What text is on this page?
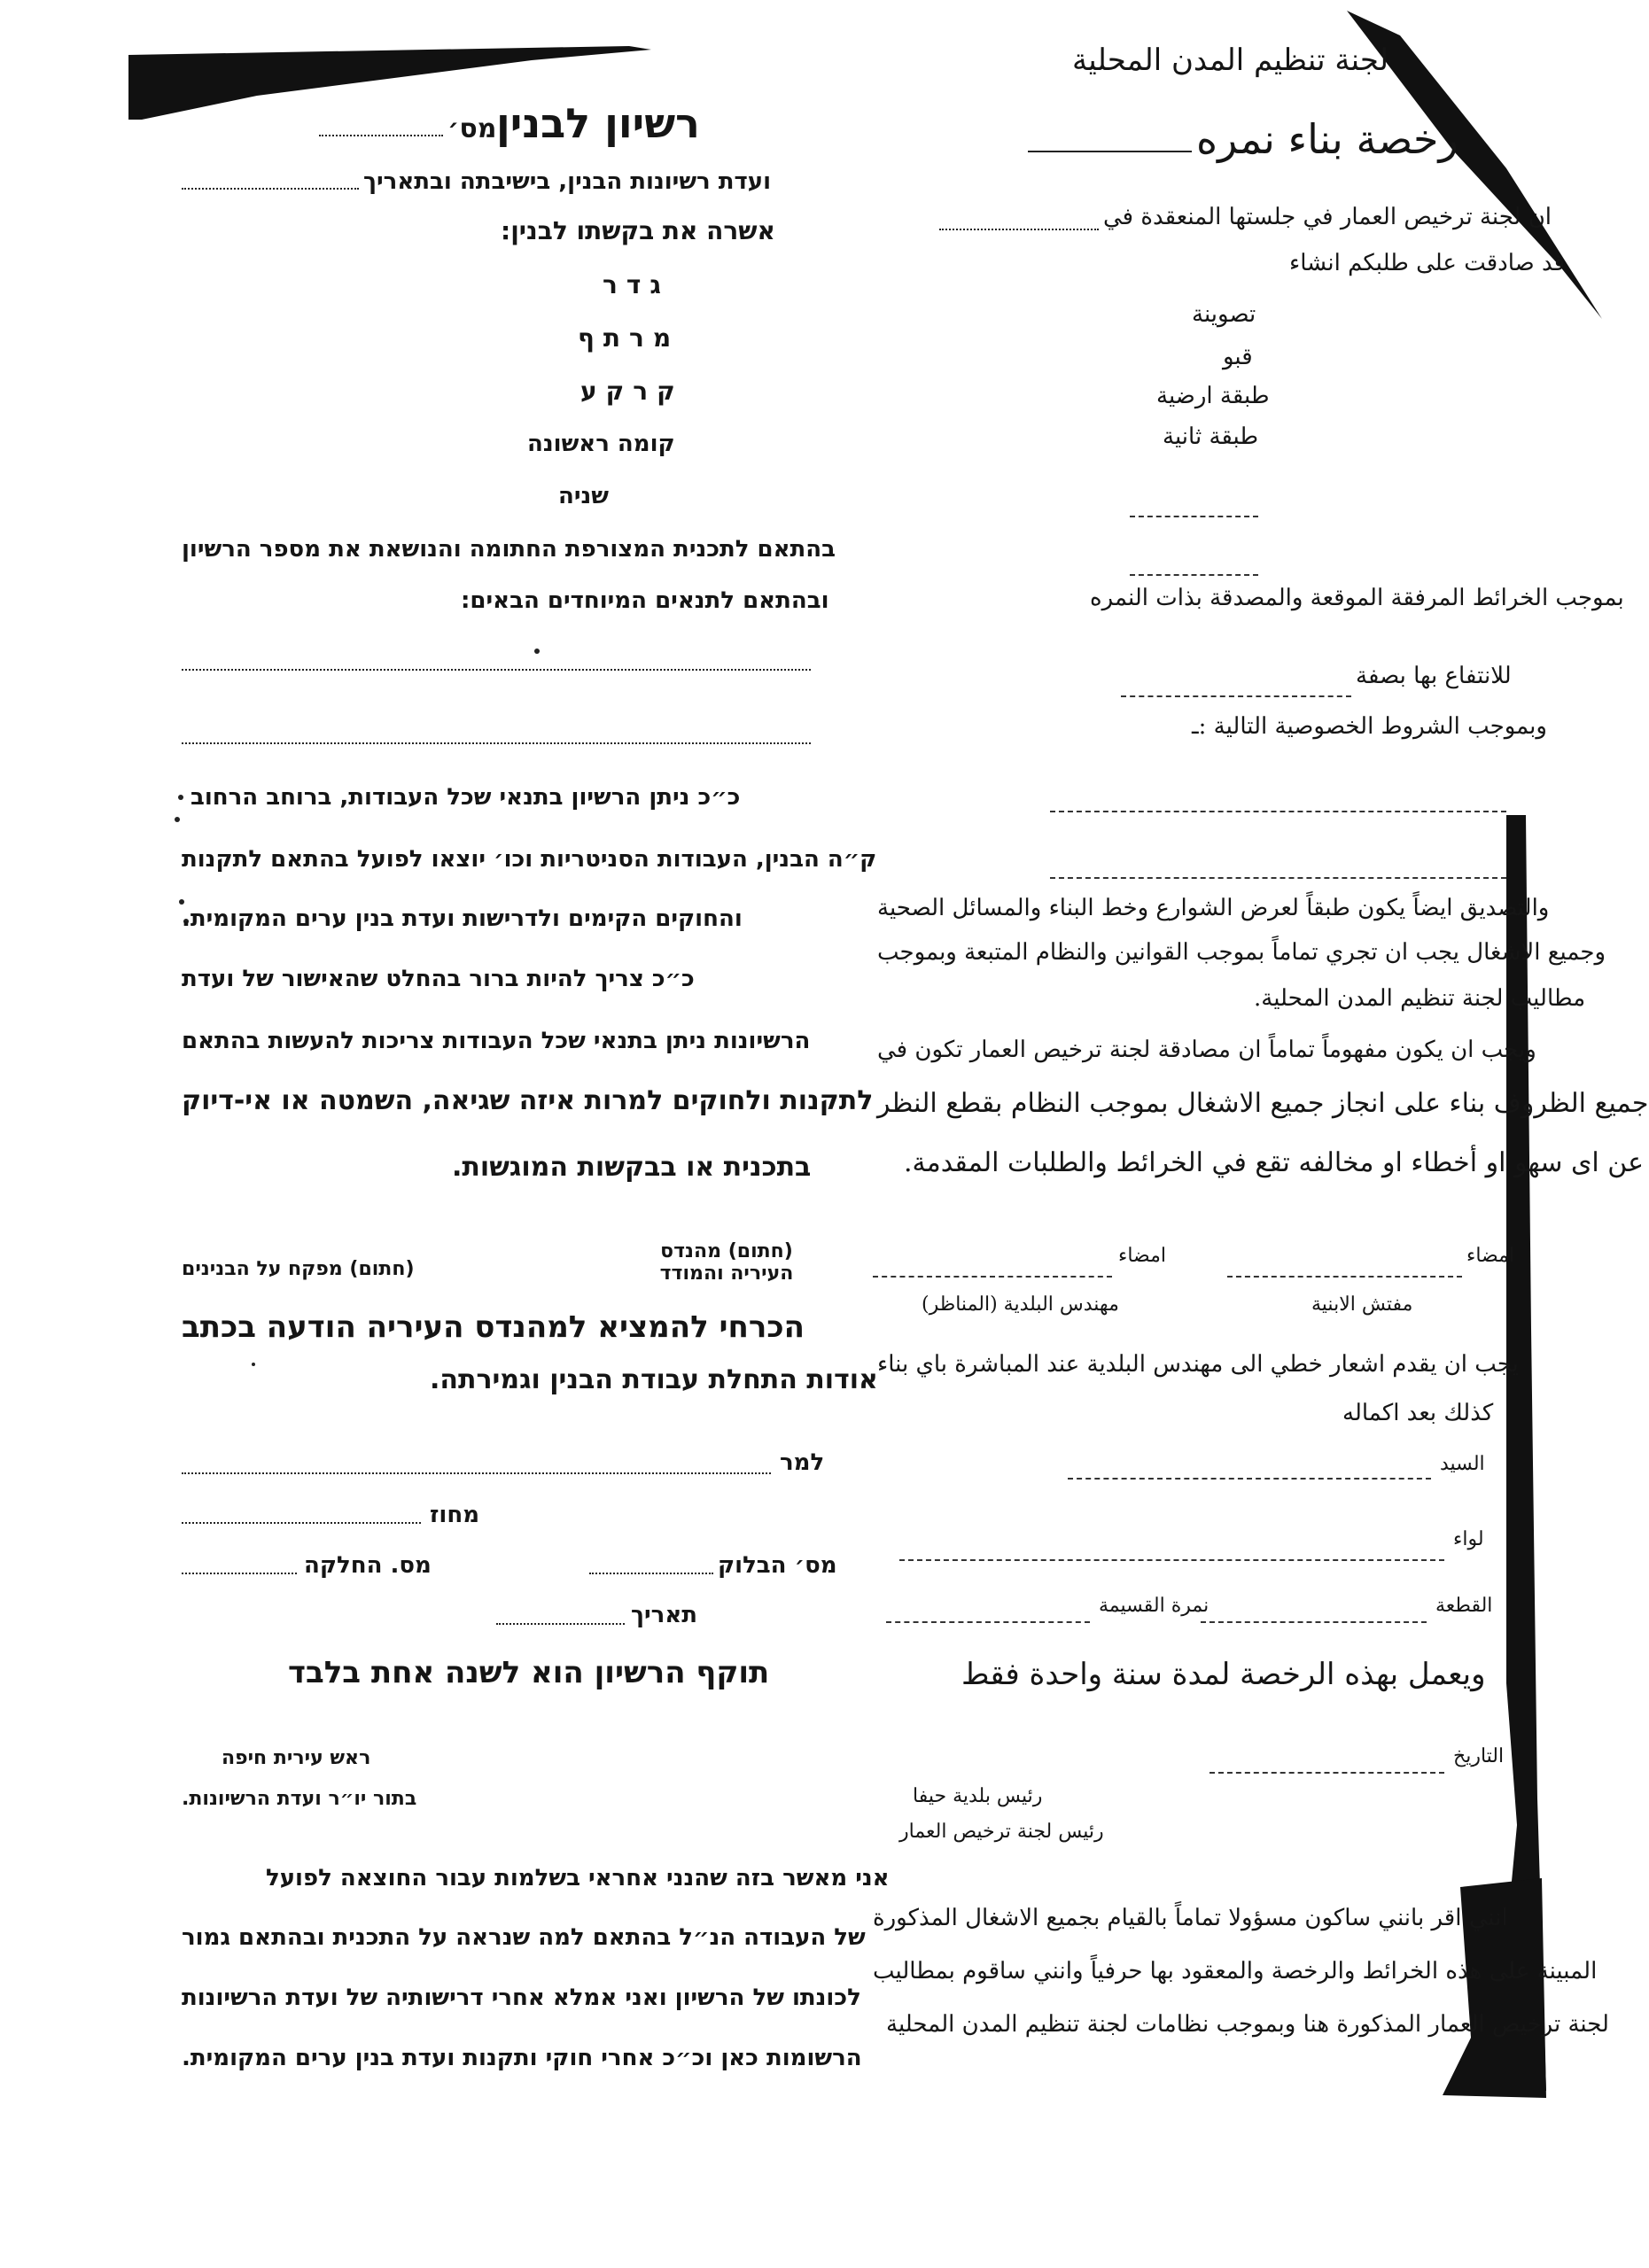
רשיון לבנין
מס׳
ועדת רשיונות הבנין, בישיבתה ובתאריך
אשרה את בקשתו לבנין:
גדר
מרתף
קרקע
קומה ראשונה
שניה
בהתאם לתכנית המצורפת החתומה והנושאת את מספר הרשיון
ובהתאם לתנאים המיוחדים הבאים:
כ״כ ניתן הרשיון בתנאי שכל העבודות, ברוחב הרחוב
ק״ה הבנין, העבודות הסניטריות וכו׳ יוצאו לפועל בהתאם לתקנות
והחוקים הקימים ולדרישות ועדת בנין ערים המקומית.
כ״כ צריך להיות ברור בהחלט שהאישור של ועדת
הרשיונות ניתן בתנאי שכל העבודות צריכות להעשות בהתאם
לתקנות ולחוקים למרות איזה שגיאה, השמטה או אי-דיוק
בתכנית או בבקשות המוגשות.
(חתום) מהנדס העיריה והמודד
(חתום) מפקח על הבנינים
הכרחי להמציא למהנדס העיריה הודעה בכתב
אודות התחלת עבודת הבנין וגמירתה.
למר
מחוז
מס׳ הבלוק
מס. החלקה
תאריך
תוקף הרשיון הוא לשנה אחת בלבד
ראש עירית חיפה
בתור יו״ר ועדת הרשיונות.
אני מאשר בזה שהנני אחראי בשלמות עבור החוצאה לפועל
של העבודה הנ״ל בהתאם למה שנראה על התכנית ובהתאם גמור
לכונתו של הרשיון ואני אמלא אחרי דרישותיה של ועדת הרשיונות
הרשומות כאן וכ״כ אחרי חוקי ותקנות ועדת בנין ערים המקומית.
لجنة تنظيم المدن المحلية
رخصة بناء نمره
ان لجنة ترخيص العمار في جلستها المنعقدة في
قد صادقت على طلبكم انشاء
تصوينة
قبو
طبقة ارضية
طبقة ثانية
بموجب الخرائط المرفقة الموقعة والمصدقة بذات النمره
للانتفاع بها بصفة
وبموجب الشروط الخصوصية التالية :ـ
والتصديق ايضاً يكون طبقاً لعرض الشوارع وخط البناء والمسائل الصحية
وجميع الاشغال يجب ان تجري تماماً بموجب القوانين والنظام المتبعة وبموجب
مطاليب لجنة تنظيم المدن المحلية.
ويجب ان يكون مفهوماً تماماً ان مصادقة لجنة ترخيص العمار تكون في
جميع الظروف بناء على انجاز جميع الاشغال بموجب النظام بقطع النظر
عن اى سهو او أخطاء او مخالفه تقع في الخرائط والطلبات المقدمة.
امضاء
امضاء
مفتش الابنية
مهندس البلدية (المناظر)
يجب ان يقدم اشعار خطي الى مهندس البلدية عند المباشرة باي بناء
كذلك بعد اكماله
السيد
لواء
القطعة
نمرة القسيمة
ويعمل بهذه الرخصة لمدة سنة واحدة فقط
التاريخ
رئيس بلدية حيفا
رئيس لجنة ترخيص العمار
انني اقر بانني ساكون مسؤولا تماماً بالقيام بجميع الاشغال المذكورة
المبينة على هذه الخرائط والرخصة والمعقود بها حرفياً وانني ساقوم بمطاليب
لجنة ترخيص العمار المذكورة هنا وبموجب نظامات لجنة تنظيم المدن المحلية
